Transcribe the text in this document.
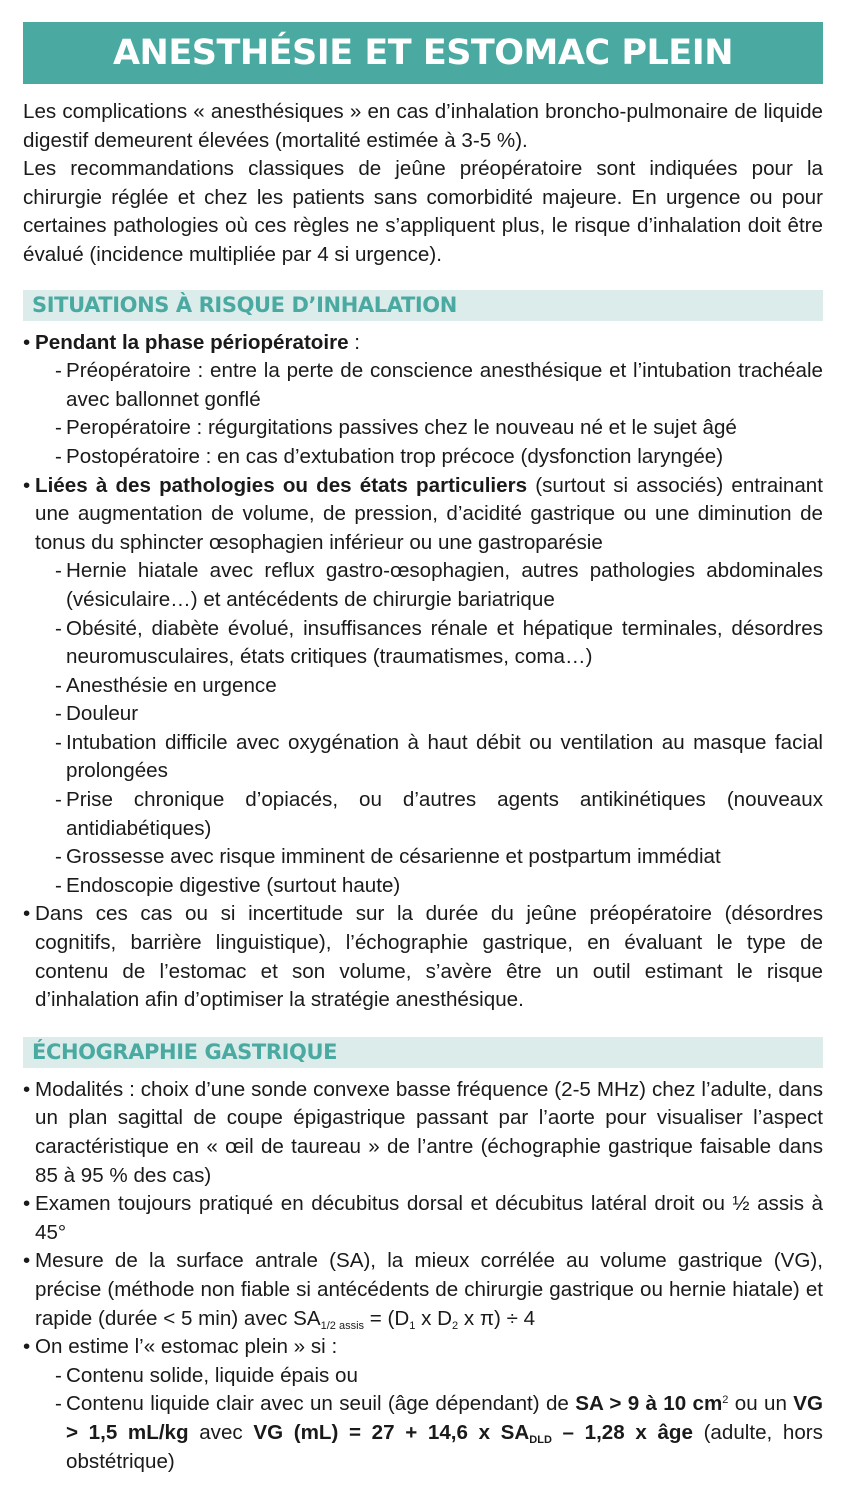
ANESTHÉSIE ET ESTOMAC PLEIN

Les complications « anesthésiques » en cas d’inhalation broncho-pulmonaire de liquide digestif demeurent élevées (mortalité estimée à 3-5 %).

Les recommandations classiques de jeûne préopératoire sont indiquées pour la chirurgie réglée et chez les patients sans comorbidité majeure. En urgence ou pour certaines pathologies où ces règles ne s’appliquent plus, le risque d’inhalation doit être évalué (incidence multipliée par 4 si urgence).

SITUATIONS À RISQUE D’INHALATION
• Pendant la phase périopératoire :
- Préopératoire : entre la perte de conscience anesthésique et l’intubation trachéale avec ballonnet gonflé
- Peropératoire : régurgitations passives chez le nouveau né et le sujet âgé
- Postopératoire : en cas d’extubation trop précoce (dysfonction laryngée)
• Liées à des pathologies ou des états particuliers (surtout si associés) entrainant une augmentation de volume, de pression, d’acidité gastrique ou une diminution de tonus du sphincter œsophagien inférieur ou une gastroparésie
- Hernie hiatale avec reflux gastro-œsophagien, autres pathologies abdominales (vésiculaire…) et antécédents de chirurgie bariatrique
- Obésité, diabète évolué, insuffisances rénale et hépatique terminales, désordres neuromusculaires, états critiques (traumatismes, coma…)
- Anesthésie en urgence
- Douleur
- Intubation difficile avec oxygénation à haut débit ou ventilation au masque facial prolongées
- Prise chronique d’opiacés, ou d’autres agents antikinétiques (nouveaux antidiabétiques)
- Grossesse avec risque imminent de césarienne et postpartum immédiat
- Endoscopie digestive (surtout haute)
• Dans ces cas ou si incertitude sur la durée du jeûne préopératoire (désordres cognitifs, barrière linguistique), l’échographie gastrique, en évaluant le type de contenu de l’estomac et son volume, s’avère être un outil estimant le risque d’inhalation afin d’optimiser la stratégie anesthésique.
ÉCHOGRAPHIE GASTRIQUE
• Modalités : choix d’une sonde convexe basse fréquence (2-5 MHz) chez l’adulte, dans un plan sagittal de coupe épigastrique passant par l’aorte pour visualiser l’aspect caractéristique en « œil de taureau » de l’antre (échographie gastrique faisable dans 85 à 95 % des cas)
• Examen toujours pratiqué en décubitus dorsal et décubitus latéral droit ou ½ assis à 45°
• Mesure de la surface antrale (SA), la mieux corrélée au volume gastrique (VG), précise (méthode non fiable si antécédents de chirurgie gastrique ou hernie hiatale) et rapide (durée < 5 min) avec $SA_{1/2 assis} = (D_1$ x $D_2$ x π) ÷ 4
• On estime l’« estomac plein » si :
- Contenu solide, liquide épais ou
- Contenu liquide clair avec un seuil (âge dépendant) de SA > 9 à 10 $cm^2$ ou un VG > 1,5 mL/kg avec VG (mL) = 27 + 14,6 x $SA_{DLD} - 1,28$ x âge (adulte, hors obstétrique)
